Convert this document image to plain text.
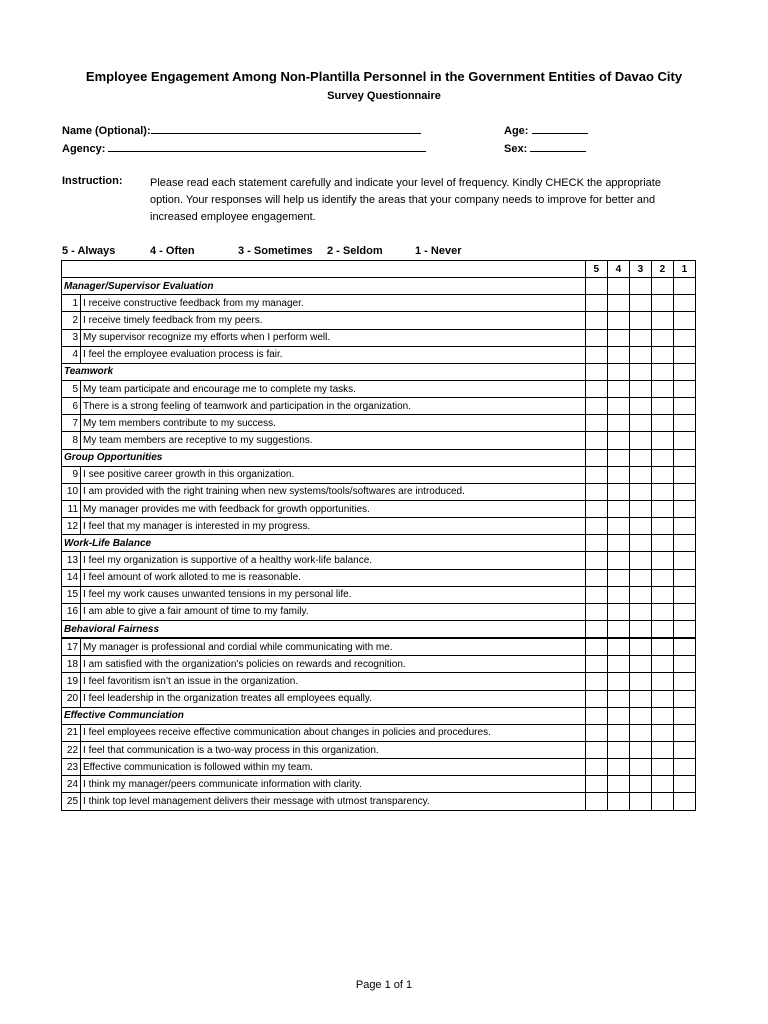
Employee Engagement Among Non-Plantilla Personnel in the Government Entities of Davao City
Survey Questionnaire
Name (Optional):
Agency:
Age:
Sex:
Instruction:	Please read each statement carefully and indicate your level of frequency. Kindly CHECK the appropriate option. Your responses will help us identify the areas that your company needs to improve for better and increased employee engagement.
5 - Always	4 - Often	3 - Sometimes 2 - Seldom	1 - Never
		5	4	3	2	1
Manager/Supervisor Evaluation						
1	I receive constructive feedback from my manager.					
2	I receive timely feedback from my peers.					
3	My supervisor recognize my efforts when I perform well.					
4	I feel the employee evaluation process is fair.					
Teamwork						
5	My team participate and encourage me to complete my tasks.					
6	There is a strong feeling of teamwork and participation in the organization.					
7	My tem members contribute to my success.					
8	My team members are receptive to my suggestions.					
Group Opportunities						
9	I see positive career growth in this organization.					
10	I am provided with the right training when new systems/tools/softwares are introduced.					
11	My manager provides me with feedback for growth opportunities.					
12	I feel that my manager is interested in my progress.					
Work-Life Balance						
13	I feel my organization is supportive of a healthy work-life balance.					
14	I feel amount of work alloted to me is reasonable.					
15	I feel my work causes unwanted tensions in my personal life.					
16	I am able to give a fair amount of time to my family.					
Behavioral Fairness						
17	My manager is professional and cordial while communicating with me.					
18	I am satisfied with the organization's policies on rewards and recognition.					
19	I feel favoritism isn’t an issue in the organization.					
20	I feel leadership in the organization treates all employees equally.					
Effective Communciation						
21	I feel employees receive effective communication about changes in policies and procedures.					
22	I feel that communication is a two-way process in this organization.					
23	Effective communication is followed within my team.					
24	I think my manager/peers communicate information with clarity.					
25	I think top level management delivers their message with utmost transparency.					
Page 1 of 1
